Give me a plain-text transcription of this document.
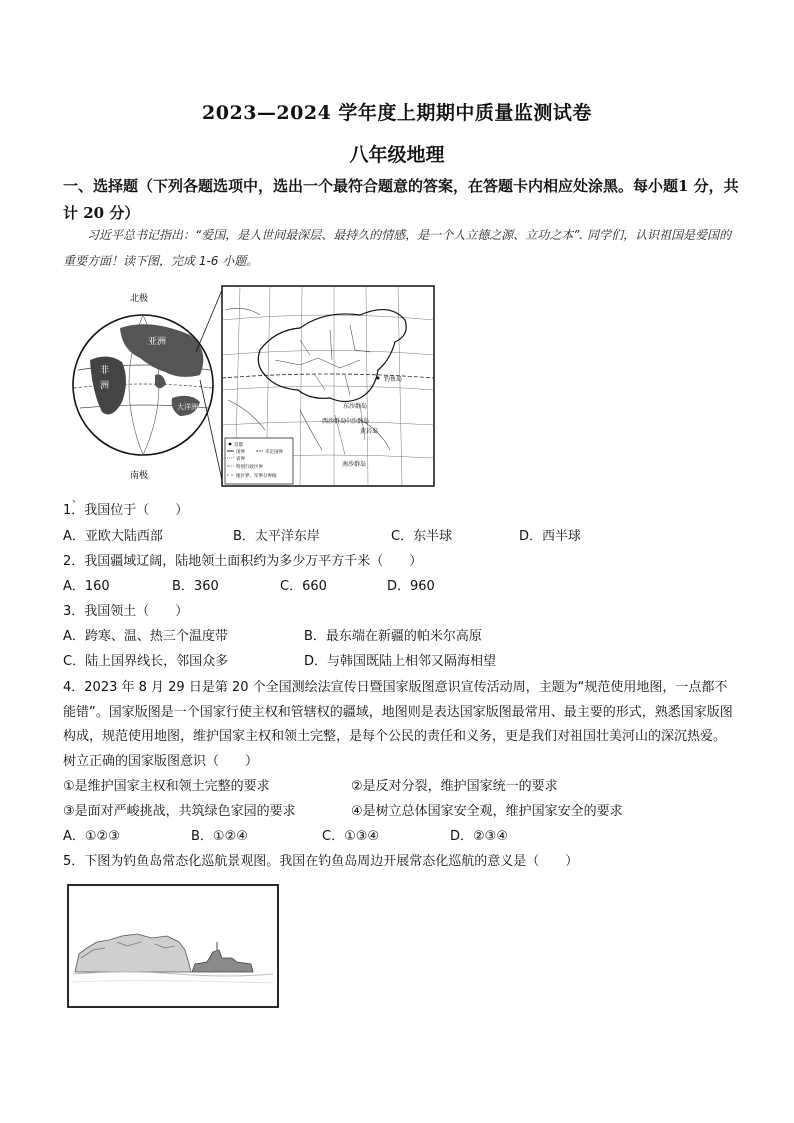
2023—2024 学年度上期期中质量监测试卷
八年级地理
一、选择题（下列各题选项中，选出一个最符合题意的答案，在答题卡内相应处涂黑。每小题1 分，共计 20 分）
习近平总书记指出：“爱国，是人世间最深层、最持久的情感，是一个人立德之源、立功之本”. 同学们，认识祖国是爱国的重要方面！读下图，完成 1-6 小题。
北极
南极
亚洲
非
洲
大洋洲
钓鱼岛
东沙群岛
西沙群岛
中沙群岛
黄岩岛
南沙群岛
首都
国界	未定国界
省界
特别行政区界
地区界、军事分界线
、
1．我国位于（　　）
A．亚欧大陆西部	B．太平洋东岸	C．东半球	D．西半球
2．我国疆域辽阔，陆地领土面积约为多少万平方千米（　　）
A．160	B．360	C．660	D．960
3．我国领土（　　）
A．跨寒、温、热三个温度带	B．最东端在新疆的帕米尔高原
C．陆上国界线长，邻国众多	D．与韩国既陆上相邻又隔海相望
4．2023 年 8 月 29 日是第 20 个全国测绘法宣传日暨国家版图意识宣传活动周，主题为“规范使用地图，一点都不能错”。国家版图是一个国家行使主权和管辖权的疆域，地图则是表达国家版图最常用、最主要的形式，熟悉国家版图构成，规范使用地图，维护国家主权和领土完整，是每个公民的责任和义务，更是我们对祖国壮美河山的深沉热爱。树立正确的国家版图意识（　　）
①是维护国家主权和领土完整的要求	②是反对分裂，维护国家统一的要求
③是面对严峻挑战，共筑绿色家园的要求	④是树立总体国家安全观，维护国家安全的要求
A．①②③	B．①②④	C．①③④	D．②③④
5．下图为钓鱼岛常态化巡航景观图。我国在钓鱼岛周边开展常态化巡航的意义是（　　）
